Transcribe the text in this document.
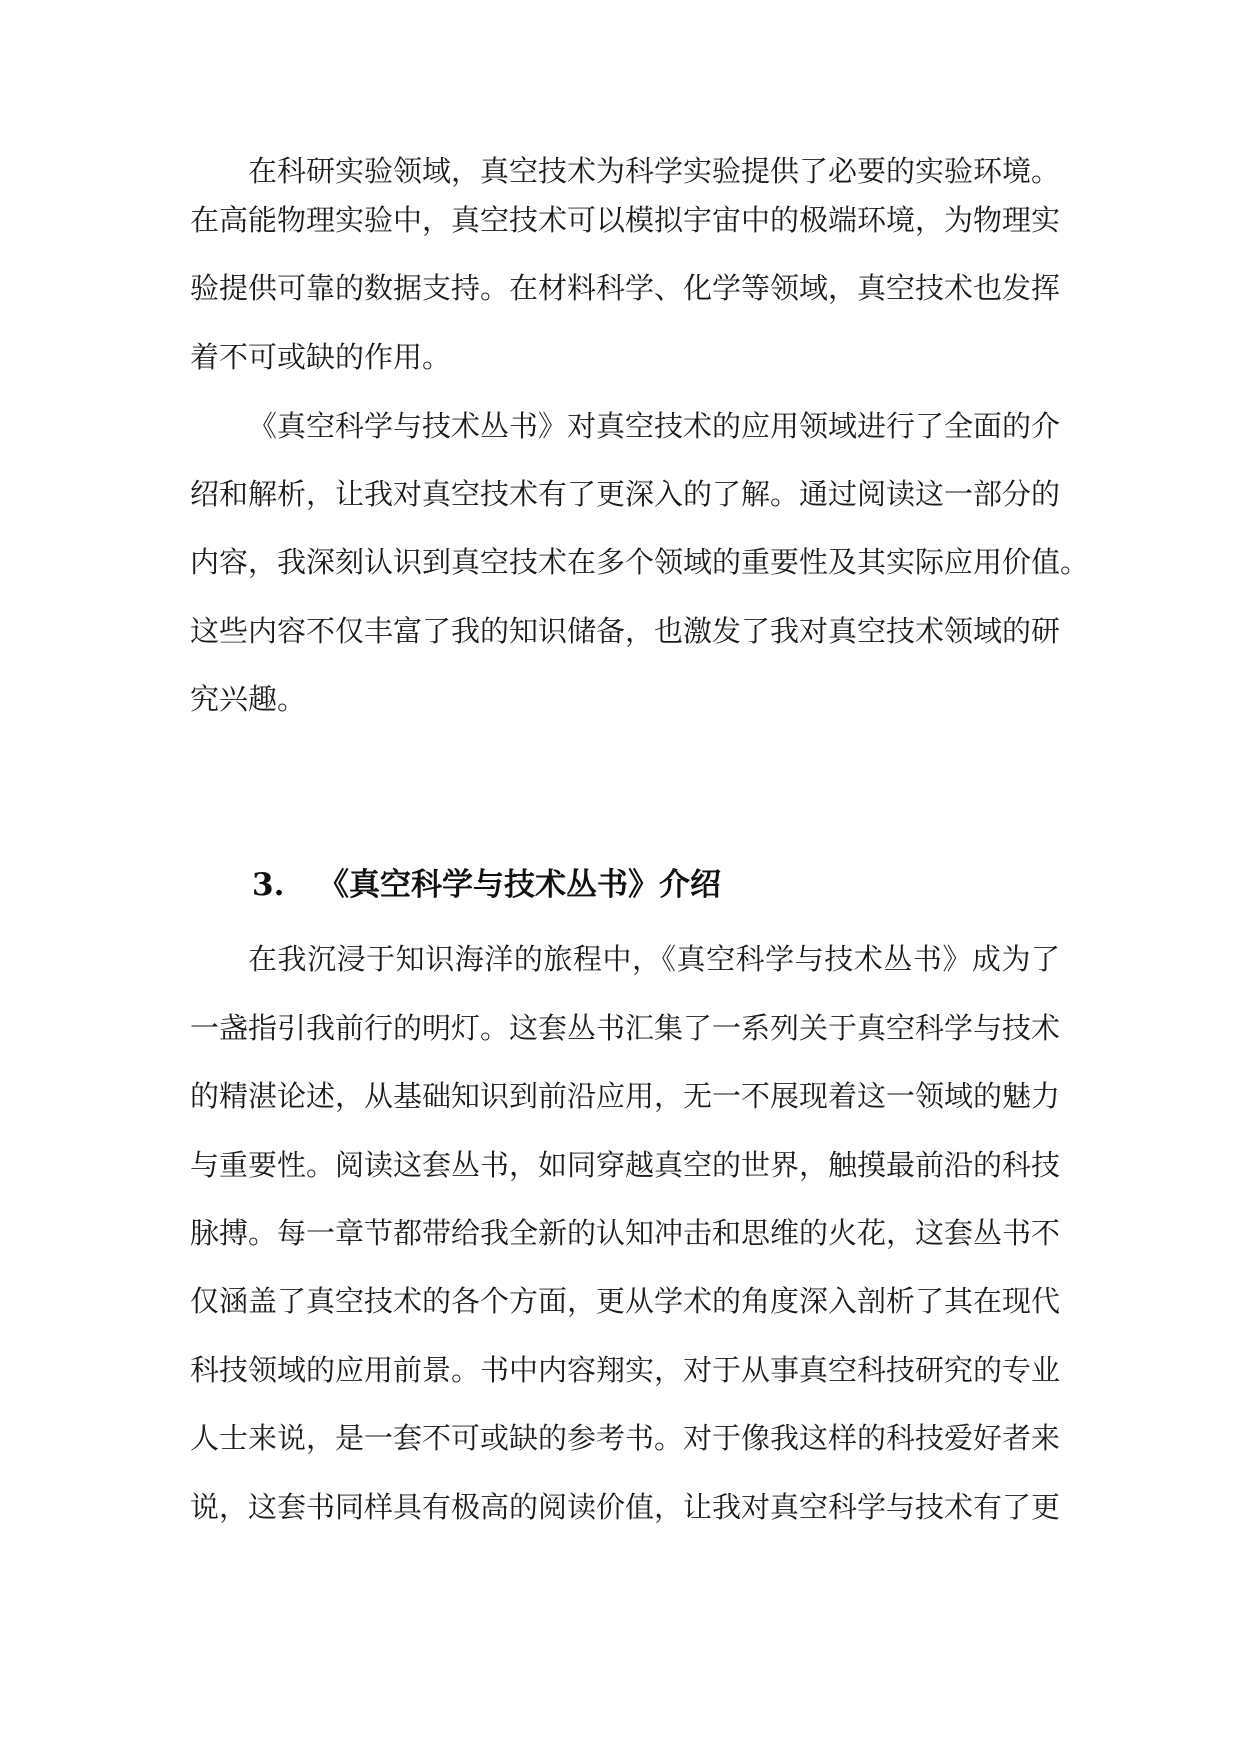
在科研实验领域，真空技术为科学实验提供了必要的实验环境。

在高能物理实验中，真空技术可以模拟宇宙中的极端环境，为物理实

验提供可靠的数据支持。在材料科学、化学等领域，真空技术也发挥

着不可或缺的作用。

《真空科学与技术丛书》对真空技术的应用领域进行了全面的介

绍和解析，让我对真空技术有了更深入的了解。通过阅读这一部分的

内容，我深刻认识到真空技术在多个领域的重要性及其实际应用价值。

这些内容不仅丰富了我的知识储备，也激发了我对真空技术领域的研

究兴趣。

3. 《真空科学与技术丛书》介绍

在我沉浸于知识海洋的旅程中，《真空科学与技术丛书》成为了

一盏指引我前行的明灯。这套丛书汇集了一系列关于真空科学与技术

的精湛论述，从基础知识到前沿应用，无一不展现着这一领域的魅力

与重要性。阅读这套丛书，如同穿越真空的世界，触摸最前沿的科技

脉搏。每一章节都带给我全新的认知冲击和思维的火花，这套丛书不

仅涵盖了真空技术的各个方面，更从学术的角度深入剖析了其在现代

科技领域的应用前景。书中内容翔实，对于从事真空科技研究的专业

人士来说，是一套不可或缺的参考书。对于像我这样的科技爱好者来

说，这套书同样具有极高的阅读价值，让我对真空科学与技术有了更
